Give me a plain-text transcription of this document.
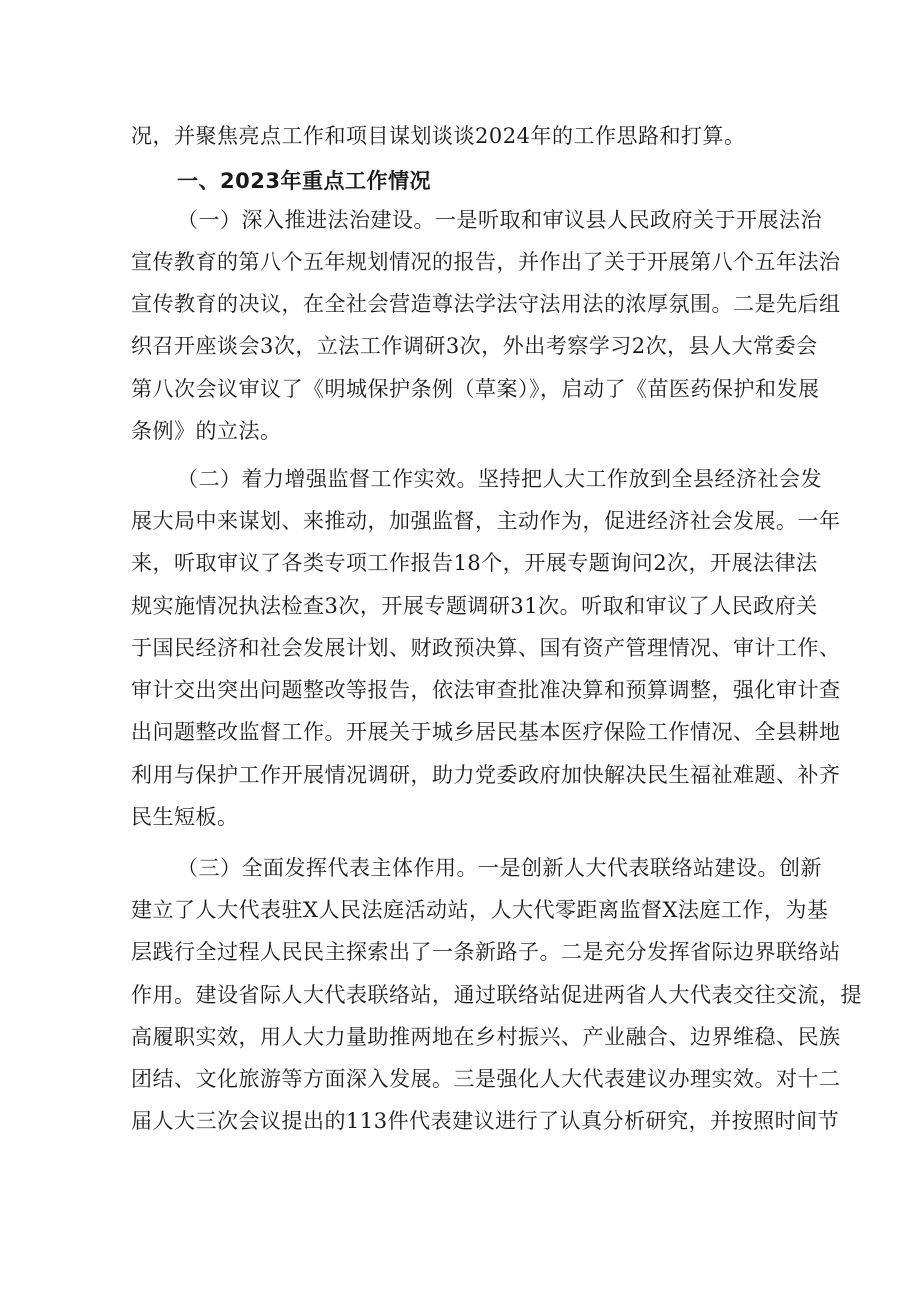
况，并聚焦亮点工作和项目谋划谈谈2024年的工作思路和打算。
一、2023年重点工作情况
（一）深入推进法治建设。一是听取和审议县人民政府关于开展法治
宣传教育的第八个五年规划情况的报告，并作出了关于开展第八个五年法治
宣传教育的决议，在全社会营造尊法学法守法用法的浓厚氛围。二是先后组
织召开座谈会3次，立法工作调研3次，外出考察学习2次，县人大常委会
第八次会议审议了《明城保护条例（草案）》，启动了《苗医药保护和发展
条例》的立法。
（二）着力增强监督工作实效。坚持把人大工作放到全县经济社会发
展大局中来谋划、来推动，加强监督，主动作为，促进经济社会发展。一年
来，听取审议了各类专项工作报告18个，开展专题询问2次，开展法律法
规实施情况执法检查3次，开展专题调研31次。听取和审议了人民政府关
于国民经济和社会发展计划、财政预决算、国有资产管理情况、审计工作、
审计交出突出问题整改等报告，依法审查批准决算和预算调整，强化审计查
出问题整改监督工作。开展关于城乡居民基本医疗保险工作情况、全县耕地
利用与保护工作开展情况调研，助力党委政府加快解决民生福祉难题、补齐
民生短板。
（三）全面发挥代表主体作用。一是创新人大代表联络站建设。创新
建立了人大代表驻X人民法庭活动站，人大代零距离监督X法庭工作，为基
层践行全过程人民民主探索出了一条新路子。二是充分发挥省际边界联络站
作用。建设省际人大代表联络站，通过联络站促进两省人大代表交往交流，提
高履职实效，用人大力量助推两地在乡村振兴、产业融合、边界维稳、民族
团结、文化旅游等方面深入发展。三是强化人大代表建议办理实效。对十二
届人大三次会议提出的113件代表建议进行了认真分析研究，并按照时间节
